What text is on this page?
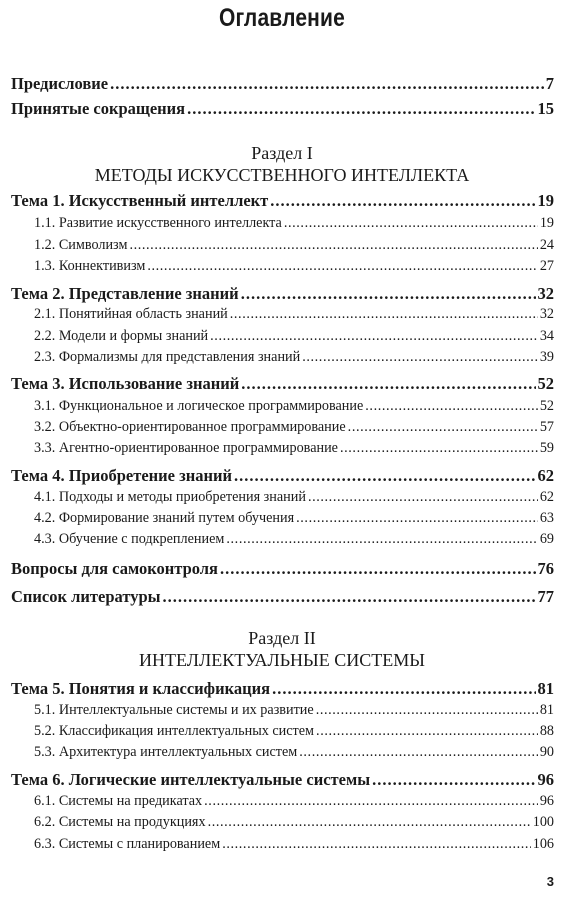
Оглавление
Предисловие .....	7
Принятые сокращения .....	15
Раздел I
МЕТОДЫ ИСКУССТВЕННОГО ИНТЕЛЛЕКТА
Тема 1. Искусственный интеллект .....	19
1.1. Развитие искусственного интеллекта .....	19
1.2. Символизм .....	24
1.3. Коннективизм .....	27
Тема 2. Представление знаний .....	32
2.1. Понятийная область знаний .....	32
2.2. Модели и формы знаний .....	34
2.3. Формализмы для представления знаний .....	39
Тема 3. Использование знаний .....	52
3.1. Функциональное и логическое программирование .....	52
3.2. Объектно-ориентированное программирование .....	57
3.3. Агентно-ориентированное программирование .....	59
Тема 4. Приобретение знаний .....	62
4.1. Подходы и методы приобретения знаний .....	62
4.2. Формирование знаний путем обучения .....	63
4.3. Обучение с подкреплением .....	69
Вопросы для самоконтроля .....	76
Список литературы .....	77
Раздел II
ИНТЕЛЛЕКТУАЛЬНЫЕ СИСТЕМЫ
Тема 5. Понятия и классификация .....	81
5.1. Интеллектуальные системы и их развитие .....	81
5.2. Классификация интеллектуальных систем .....	88
5.3. Архитектура интеллектуальных систем .....	90
Тема 6. Логические интеллектуальные системы .....	96
6.1. Системы на предикатах .....	96
6.2. Системы на продукциях .....	100
6.3. Системы с планированием .....	106
3
